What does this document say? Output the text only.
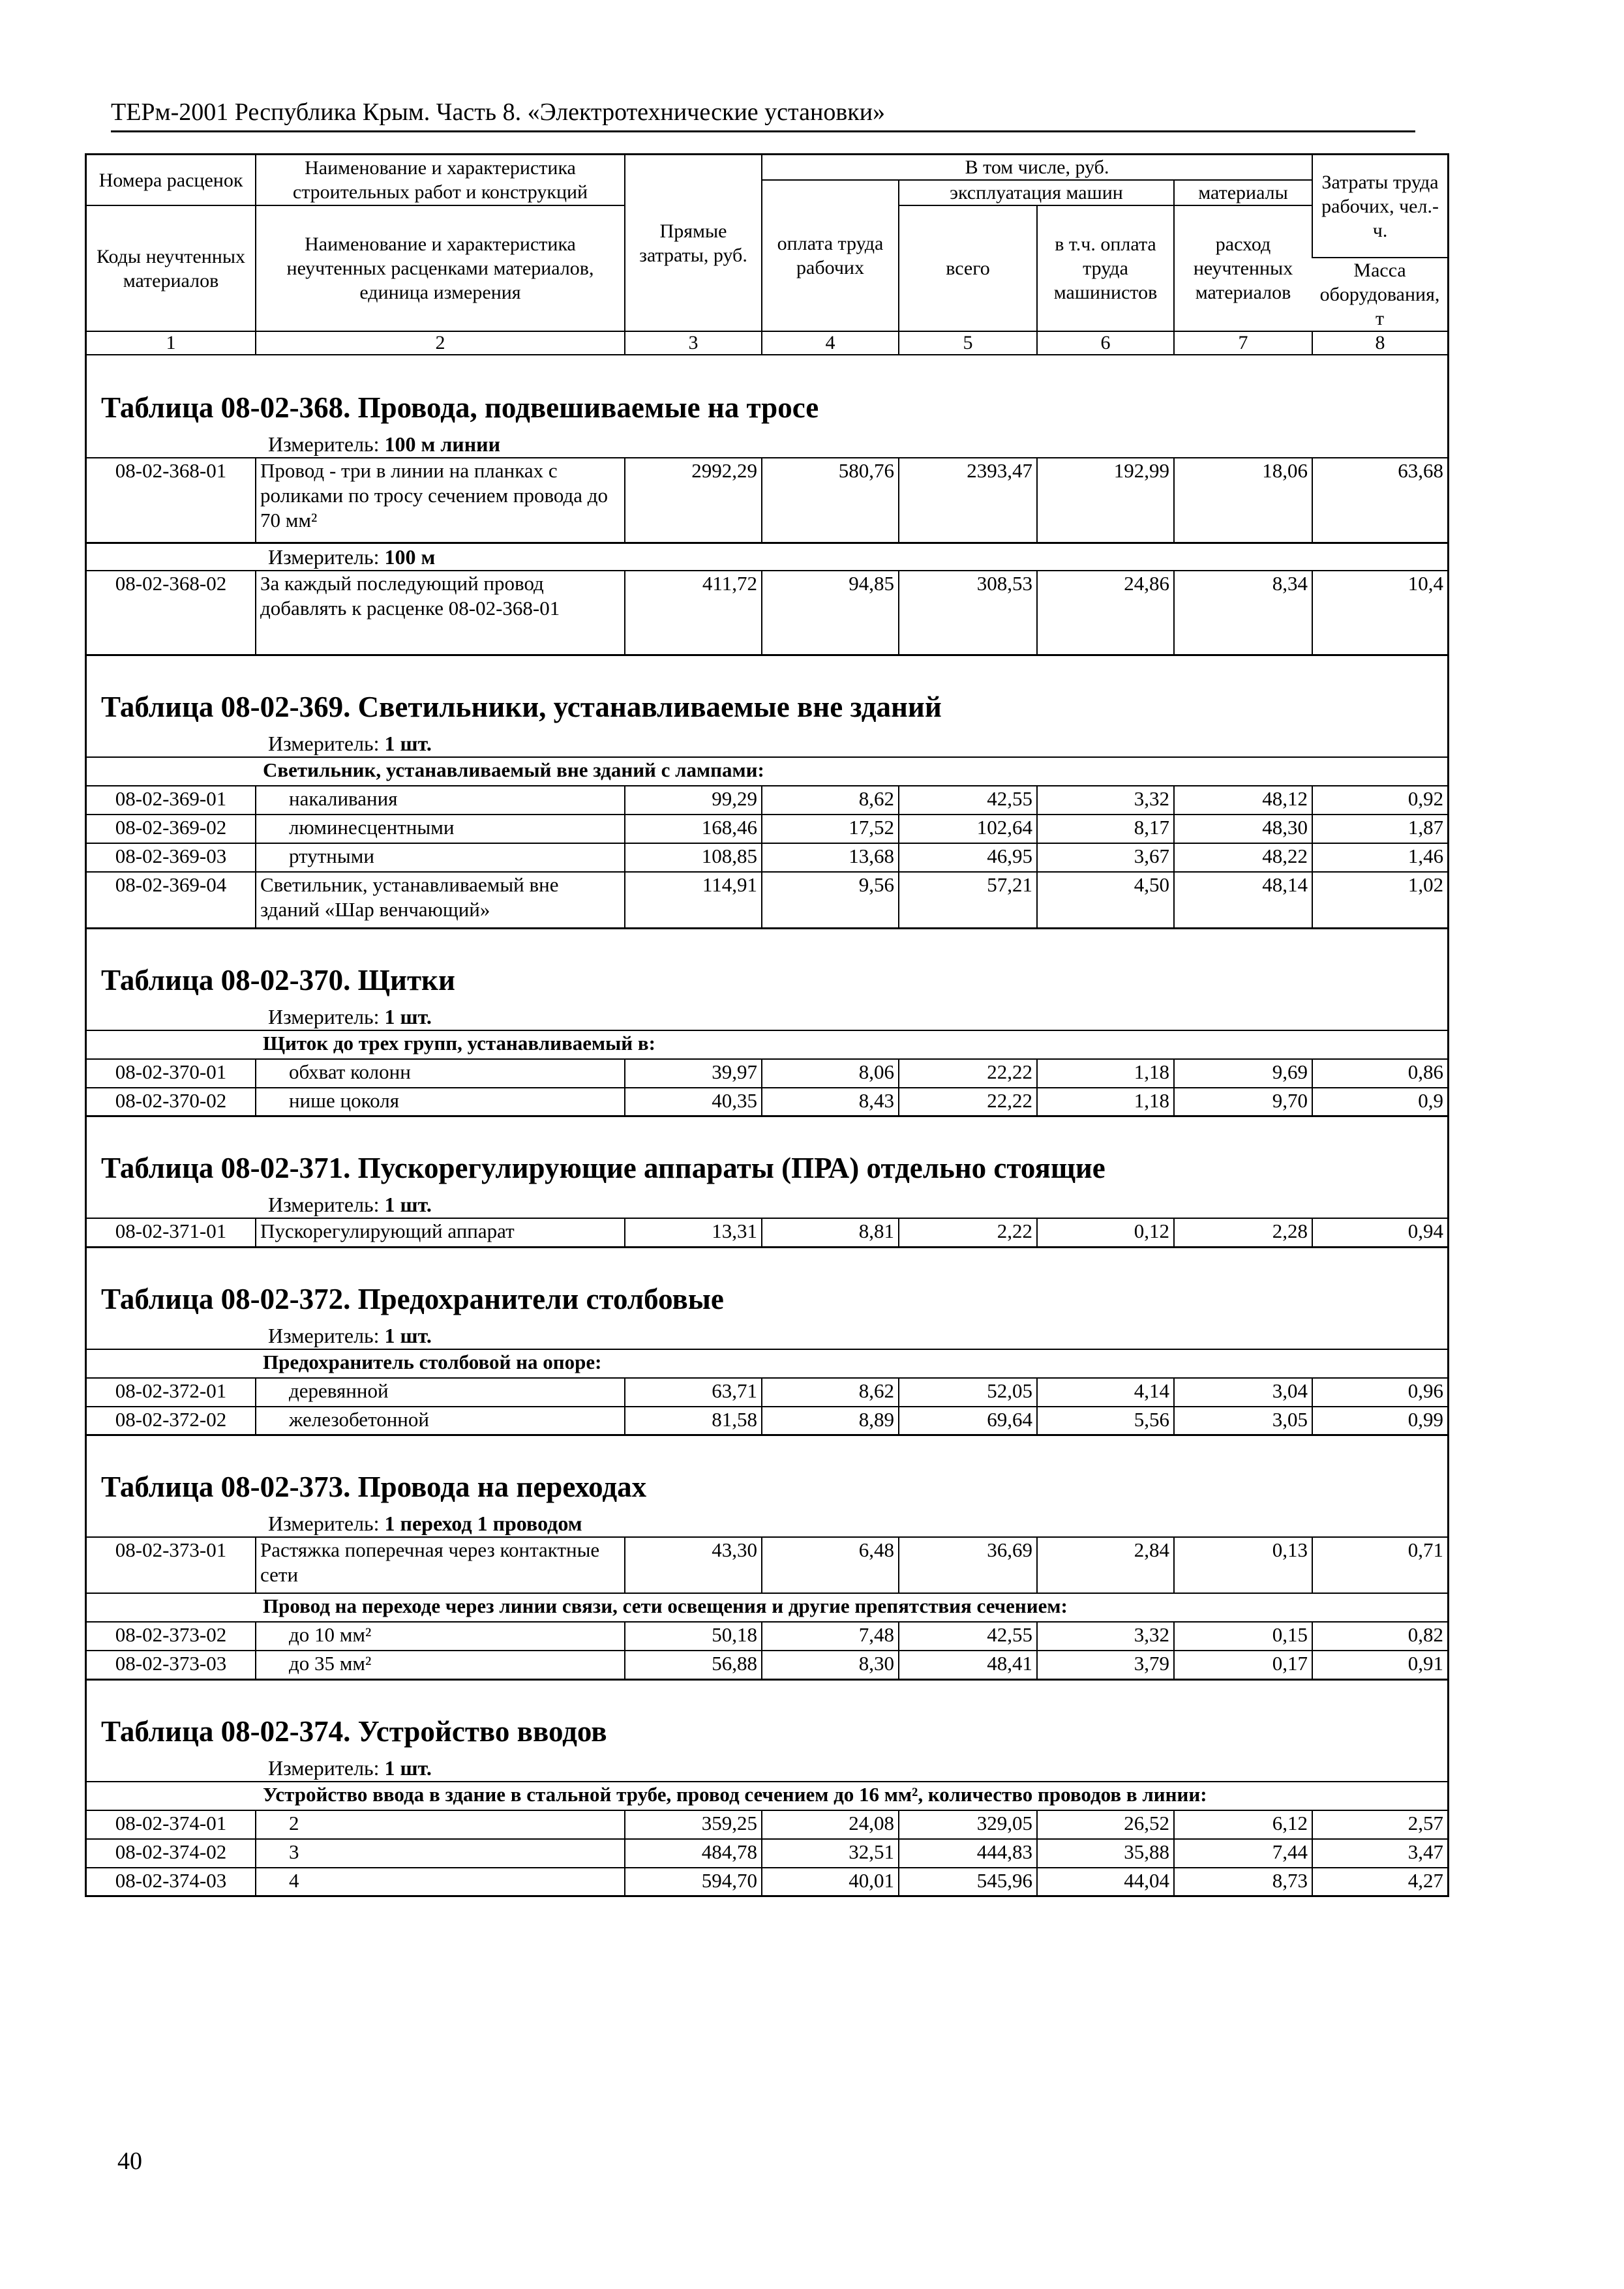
ТЕРм-2001 Республика Крым. Часть 8. «Электротехнические установки»
Номера расценок	Наименование и характеристика строительных работ и конструкций	Прямые затраты, руб.	В том числе, руб.				Затраты труда рабочих, чел.-ч.
			оплата труда рабочих	эксплуатация машин		материалы	
Коды неучтенных материалов	Наименование и характеристика неучтенных расценками материалов, единица измерения			всего	в т.ч. оплата труда машинистов	расход неучтенных материалов	
							Масса оборудования, т
1	2	3	4	5	6	7	8
Таблица 08-02-368. Провода, подвешиваемые на тросе
Измеритель: 100 м линии
08-02-368-01	Провод - три в линии на планках с роликами по тросу сечением провода до 70 мм²	2992,29	580,76	2393,47	192,99	18,06	63,68
Измеритель: 100 м
08-02-368-02	За каждый последующий провод добавлять к расценке 08-02-368-01	411,72	94,85	308,53	24,86	8,34	10,4
Таблица 08-02-369. Светильники, устанавливаемые вне зданий
Измеритель: 1 шт.
Светильник, устанавливаемый вне зданий с лампами:							
08-02-369-01	накаливания	99,29	8,62	42,55	3,32	48,12	0,92
08-02-369-02	люминесцентными	168,46	17,52	102,64	8,17	48,30	1,87
08-02-369-03	ртутными	108,85	13,68	46,95	3,67	48,22	1,46
08-02-369-04	Светильник, устанавливаемый вне зданий «Шар венчающий»	114,91	9,56	57,21	4,50	48,14	1,02
Таблица 08-02-370. Щитки
Измеритель: 1 шт.
Щиток до трех групп, устанавливаемый в:							
08-02-370-01	обхват колонн	39,97	8,06	22,22	1,18	9,69	0,86
08-02-370-02	нише цоколя	40,35	8,43	22,22	1,18	9,70	0,9
Таблица 08-02-371. Пускорегулирующие аппараты (ПРА) отдельно стоящие
Измеритель: 1 шт.
08-02-371-01	Пускорегулирующий аппарат	13,31	8,81	2,22	0,12	2,28	0,94
Таблица 08-02-372. Предохранители столбовые
Измеритель: 1 шт.
Предохранитель столбовой на опоре:							
08-02-372-01	деревянной	63,71	8,62	52,05	4,14	3,04	0,96
08-02-372-02	железобетонной	81,58	8,89	69,64	5,56	3,05	0,99
Таблица 08-02-373. Провода на переходах
Измеритель: 1 переход 1 проводом
08-02-373-01	Растяжка поперечная через контактные сети	43,30	6,48	36,69	2,84	0,13	0,71
Провод на переходе через линии связи, сети освещения и другие препятствия сечением:							
08-02-373-02	до 10 мм²	50,18	7,48	42,55	3,32	0,15	0,82
08-02-373-03	до 35 мм²	56,88	8,30	48,41	3,79	0,17	0,91
Таблица 08-02-374. Устройство вводов
Измеритель: 1 шт.
Устройство ввода в здание в стальной трубе, провод сечением до 16 мм², количество проводов в линии:							
08-02-374-01	2	359,25	24,08	329,05	26,52	6,12	2,57
08-02-374-02	3	484,78	32,51	444,83	35,88	7,44	3,47
08-02-374-03	4	594,70	40,01	545,96	44,04	8,73	4,27
40
